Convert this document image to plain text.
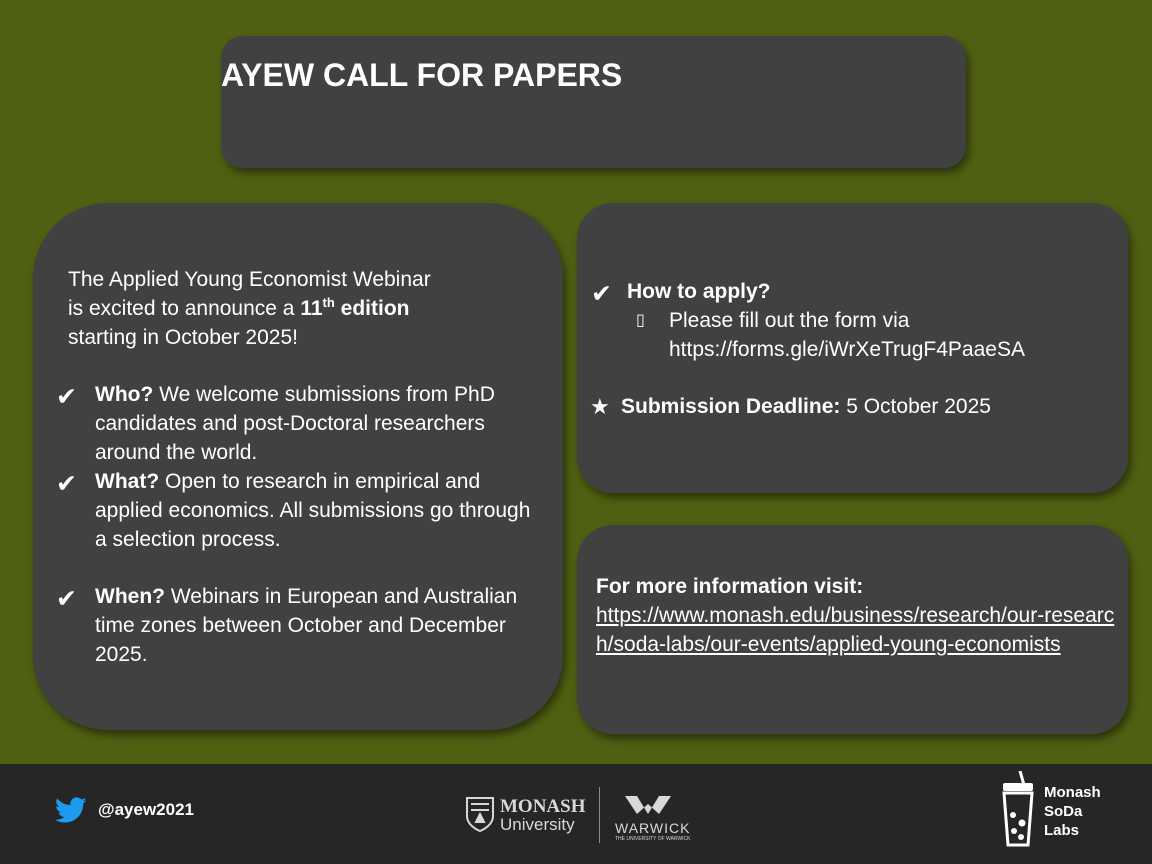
AYEW CALL FOR PAPERS
The Applied Young Economist Webinar
is excited to announce a 11th edition
starting in October 2025!
✔ Who? We welcome submissions from PhD candidates and post-Doctoral researchers around the world.
✔ What? Open to research in empirical and applied economics. All submissions go through a selection process.
✔ When? Webinars in European and Australian time zones between October and December 2025.
✔ How to apply?
▯ Please fill out the form via
https://forms.gle/iWrXeTrugF4PaaeSA
★ Submission Deadline: 5 October 2025
For more information visit:
https://www.monash.edu/business/research/our-research/soda-labs/our-events/applied-young-economists
@ayew2021	MONASH
University	WARWICK
THE UNIVERSITY OF WARWICK
Monash
SoDa
Labs
